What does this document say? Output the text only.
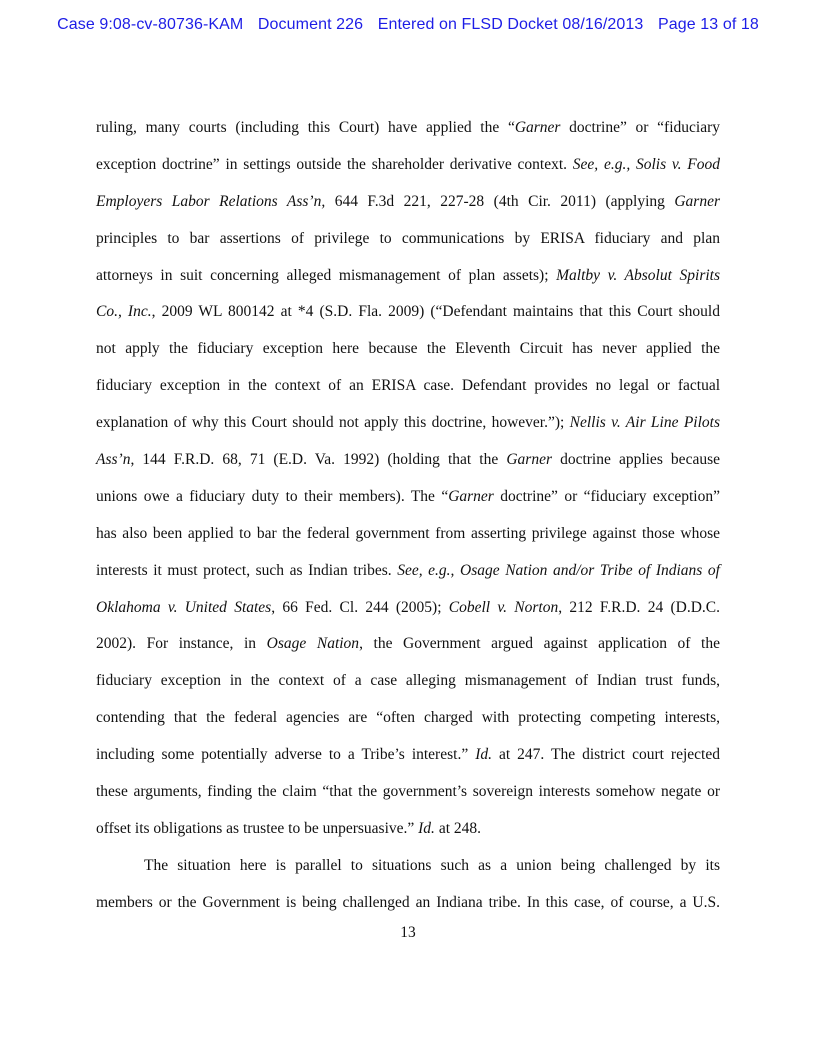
Case 9:08-cv-80736-KAM Document 226 Entered on FLSD Docket 08/16/2013 Page 13 of 18
ruling, many courts (including this Court) have applied the “Garner doctrine” or “fiduciary
exception doctrine” in settings outside the shareholder derivative context. See, e.g., Solis v. Food
Employers Labor Relations Ass’n, 644 F.3d 221, 227-28 (4th Cir. 2011) (applying Garner
principles to bar assertions of privilege to communications by ERISA fiduciary and plan
attorneys in suit concerning alleged mismanagement of plan assets); Maltby v. Absolut Spirits
Co., Inc., 2009 WL 800142 at *4 (S.D. Fla. 2009) (“Defendant maintains that this Court should
not apply the fiduciary exception here because the Eleventh Circuit has never applied the
fiduciary exception in the context of an ERISA case. Defendant provides no legal or factual
explanation of why this Court should not apply this doctrine, however.”); Nellis v. Air Line Pilots
Ass’n, 144 F.R.D. 68, 71 (E.D. Va. 1992) (holding that the Garner doctrine applies because
unions owe a fiduciary duty to their members). The “Garner doctrine” or “fiduciary exception”
has also been applied to bar the federal government from asserting privilege against those whose
interests it must protect, such as Indian tribes. See, e.g., Osage Nation and/or Tribe of Indians of
Oklahoma v. United States, 66 Fed. Cl. 244 (2005); Cobell v. Norton, 212 F.R.D. 24 (D.D.C.
2002). For instance, in Osage Nation, the Government argued against application of the
fiduciary exception in the context of a case alleging mismanagement of Indian trust funds,
contending that the federal agencies are “often charged with protecting competing interests,
including some potentially adverse to a Tribe’s interest.” Id. at 247. The district court rejected
these arguments, finding the claim “that the government’s sovereign interests somehow negate or
offset its obligations as trustee to be unpersuasive.” Id. at 248.
The situation here is parallel to situations such as a union being challenged by its
members or the Government is being challenged an Indiana tribe. In this case, of course, a U.S.
13
